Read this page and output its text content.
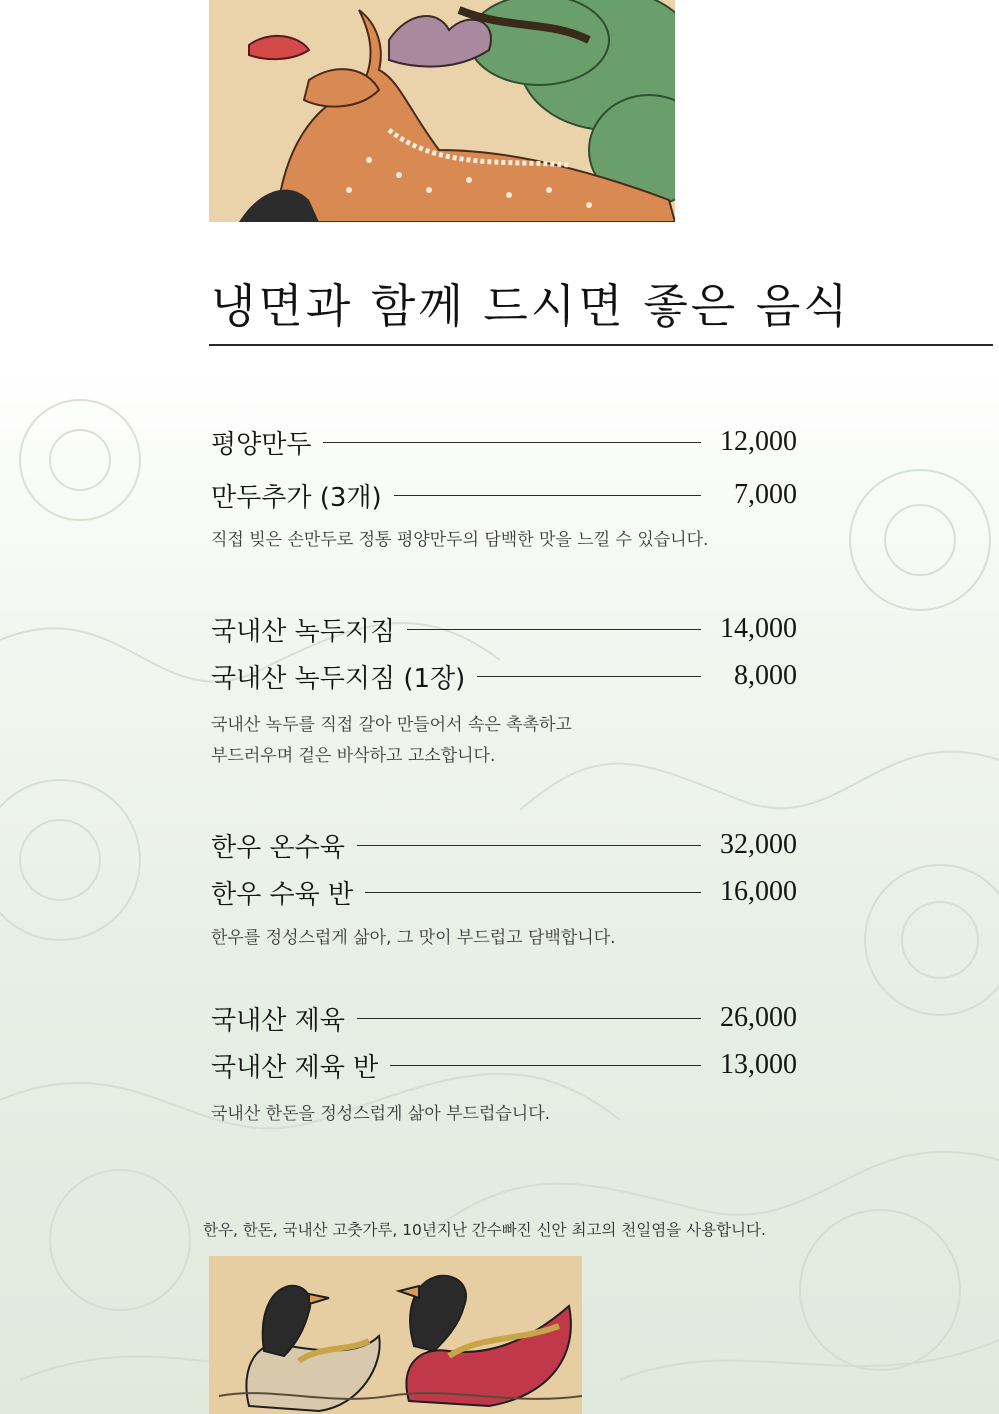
냉면과 함께 드시면 좋은 음식
평양만두	12,000
만두추가 (3개)	7,000
직접 빚은 손만두로 정통 평양만두의 담백한 맛을 느낄 수 있습니다.
국내산 녹두지짐	14,000
국내산 녹두지짐 (1장)	8,000
국내산 녹두를 직접 갈아 만들어서 속은 촉촉하고
부드러우며 겉은 바삭하고 고소합니다.
한우 온수육	32,000
한우 수육 반	16,000
한우를 정성스럽게 삶아, 그 맛이 부드럽고 담백합니다.
국내산 제육	26,000
국내산 제육 반	13,000
국내산 한돈을 정성스럽게 삶아 부드럽습니다.
한우, 한돈, 국내산 고춧가루, 10년지난 간수빠진 신안 최고의 천일염을 사용합니다.
